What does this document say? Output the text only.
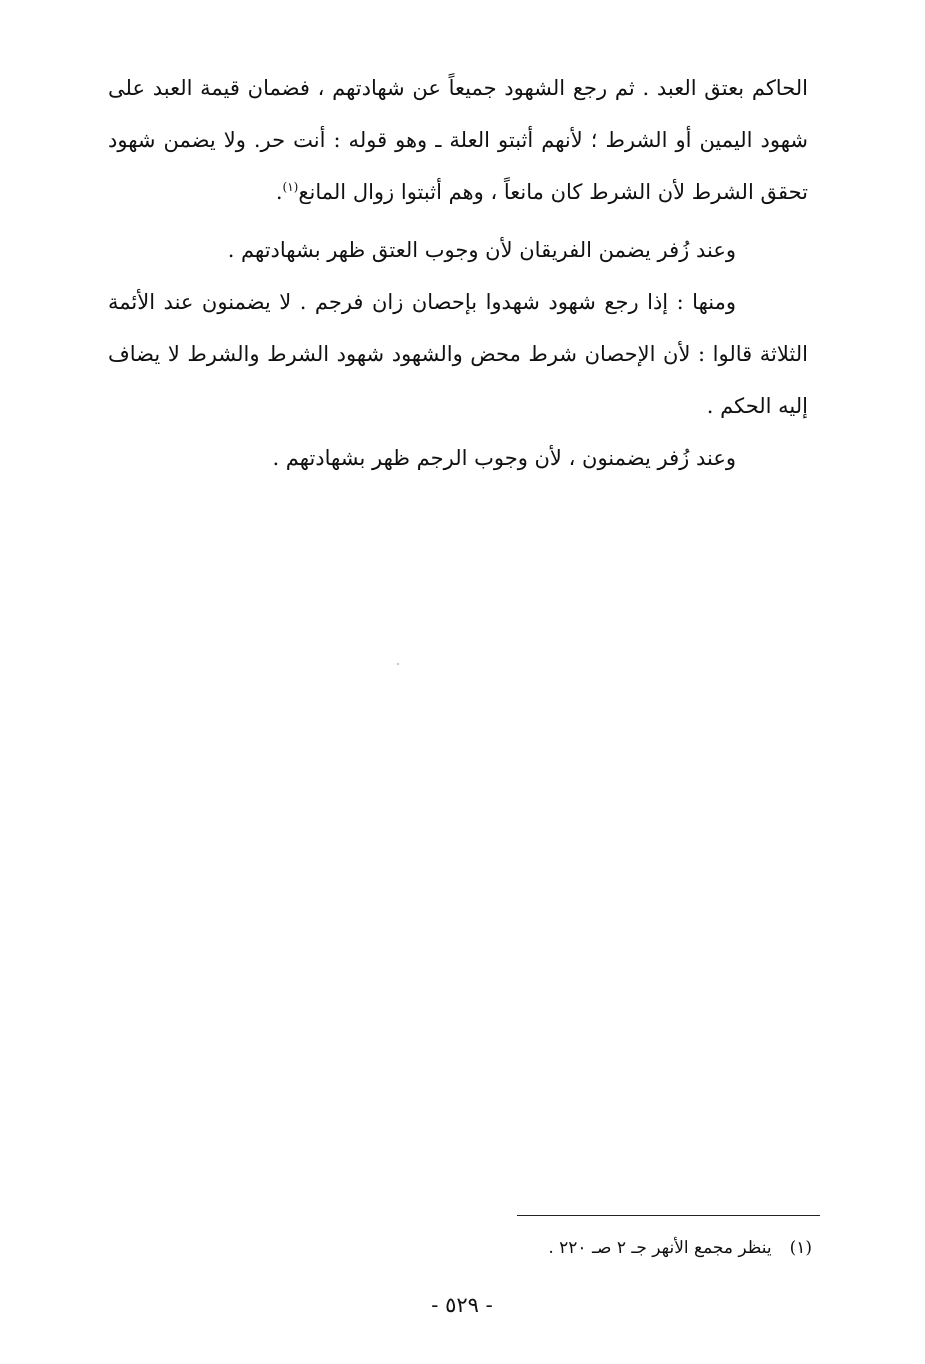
الحاكم بعتق العبد . ثم رجع الشهود جميعاً عن شهادتهم ، فضمان قيمة العبد على شهود اليمين أو الشرط ؛ لأنهم أثبتو العلة ـ وهو قوله : أنت حر. ولا يضمن شهود تحقق الشرط لأن الشرط كان مانعاً ، وهم أثبتوا زوال المانع$^{(١)}$.

وعند زُفر يضمن الفريقان لأن وجوب العتق ظهر بشهادتهم .

ومنها : إذا رجع شهود شهدوا بإحصان زان فرجم . لا يضمنون عند الأئمة الثلاثة قالوا : لأن الإحصان شرط محض والشهود شهود الشرط والشرط لا يضاف إليه الحكم .

وعند زُفر يضمنون ، لأن وجوب الرجم ظهر بشهادتهم .

(١)ينظر مجمع الأنهر جـ ٢ صـ ٢٢٠ .
- ٥٢٩ -
